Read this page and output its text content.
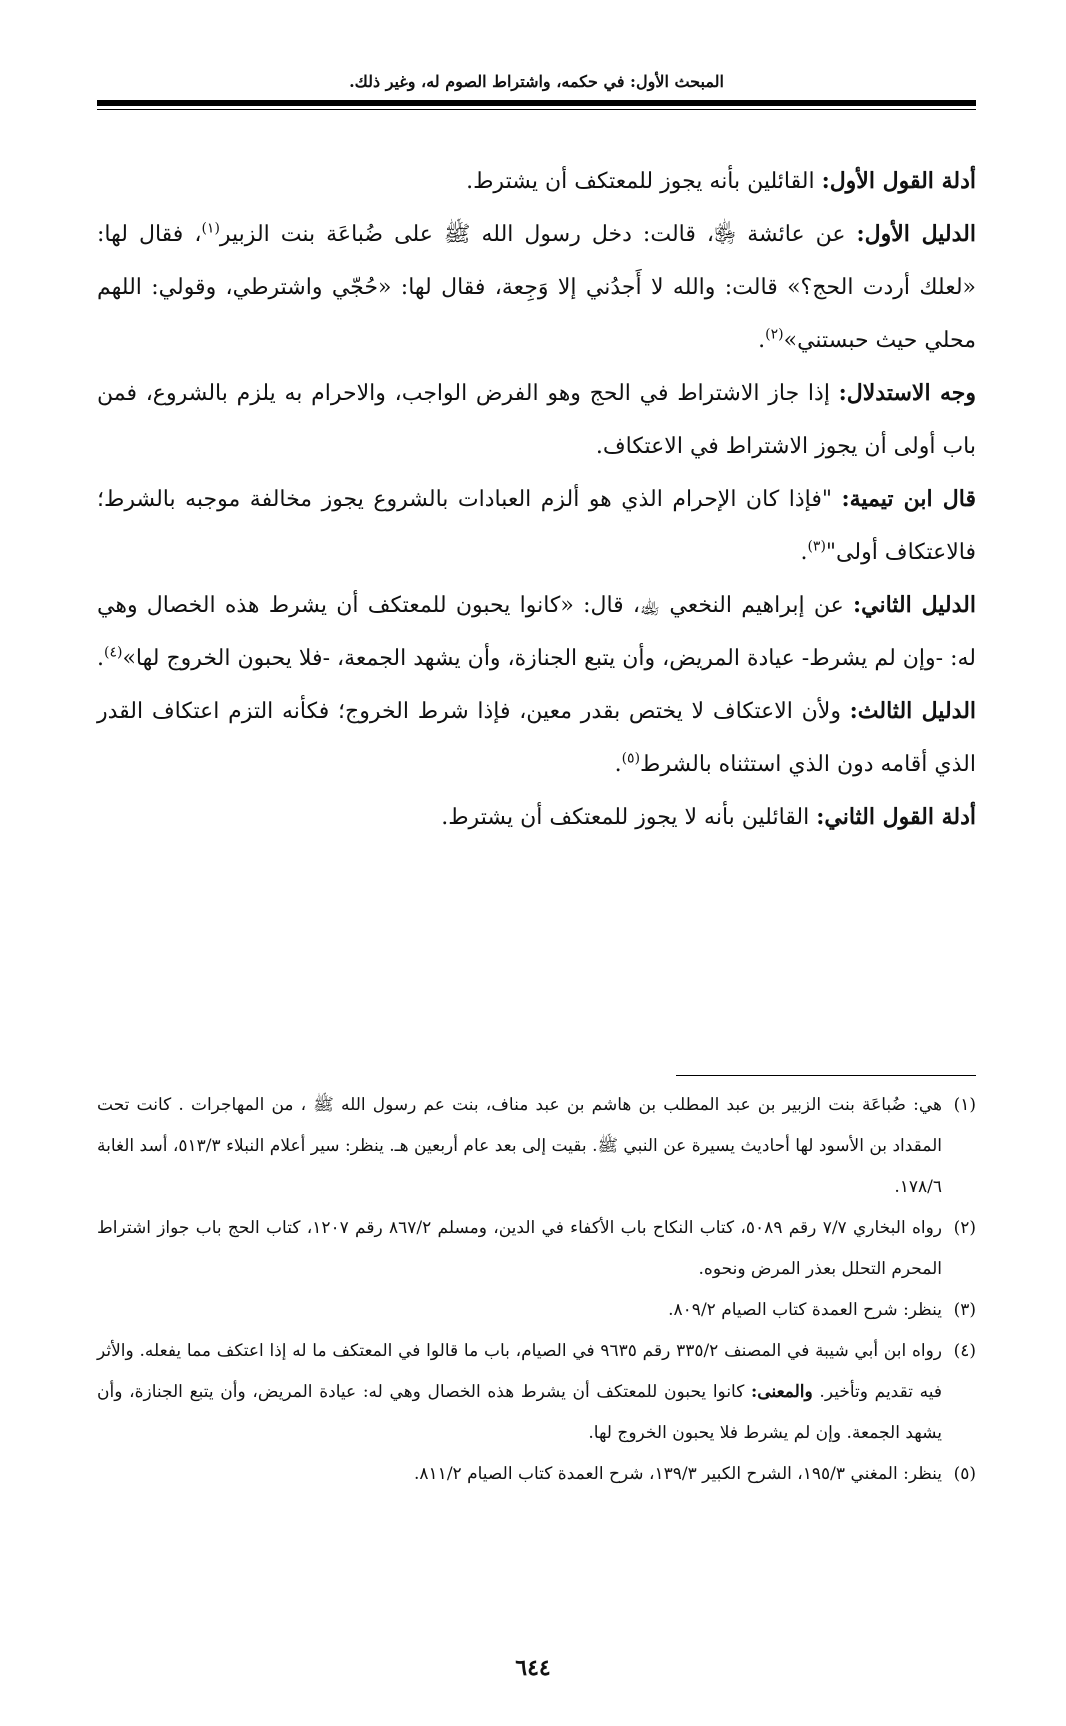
المبحث الأول: في حكمه، واشتراط الصوم له، وغير ذلك.

أدلة القول الأول: القائلين بأنه يجوز للمعتكف أن يشترط.

الدليل الأول: عن عائشة ﵂، قالت: دخل رسول الله ﷺ على ضُباعَة بنت الزبير$^{(١)}$، فقال لها: «لعلك أردت الحج؟» قالت: والله لا أَجدُني إلا وَجِعة، فقال لها: «حُجّي واشترطي، وقولي: اللهم محلي حيث حبستني»$^{(٢)}$.

وجه الاستدلال: إذا جاز الاشتراط في الحج وهو الفرض الواجب، والاحرام به يلزم بالشروع، فمن باب أولى أن يجوز الاشتراط في الاعتكاف.

قال ابن تيمية: "فإذا كان الإحرام الذي هو ألزم العبادات بالشروع يجوز مخالفة موجبه بالشرط؛ فالاعتكاف أولى"$^{(٣)}$.

الدليل الثاني: عن إبراهيم النخعي ﵀، قال: «كانوا يحبون للمعتكف أن يشرط هذه الخصال وهي له: -وإن لم يشرط- عيادة المريض، وأن يتبع الجنازة، وأن يشهد الجمعة، -فلا يحبون الخروج لها»$^{(٤)}$.

الدليل الثالث: ولأن الاعتكاف لا يختص بقدر معين، فإذا شرط الخروج؛ فكأنه التزم اعتكاف القدر الذي أقامه دون الذي استثناه بالشرط$^{(٥)}$.

أدلة القول الثاني: القائلين بأنه لا يجوز للمعتكف أن يشترط.

(١)هي: ضُباعَة بنت الزبير بن عبد المطلب بن هاشم بن عبد مناف، بنت عم رسول الله ﷺ ، من المهاجرات . كانت تحت المقداد بن الأسود لها أحاديث يسيرة عن النبي ﷺ. بقيت إلى بعد عام أربعين هـ. ينظر: سير أعلام النبلاء ٥١٣/٣، أسد الغابة ١٧٨/٦.

(٢)رواه البخاري ٧/٧ رقم ٥٠٨٩، كتاب النكاح باب الأكفاء في الدين، ومسلم ٨٦٧/٢ رقم ١٢٠٧، كتاب الحج باب جواز اشتراط المحرم التحلل بعذر المرض ونحوه.

(٣)ينظر: شرح العمدة كتاب الصيام ٨٠٩/٢.

(٤)رواه ابن أبي شيبة في المصنف ٣٣٥/٢ رقم ٩٦٣٥ في الصيام، باب ما قالوا في المعتكف ما له إذا اعتكف مما يفعله. والأثر فيه تقديم وتأخير. والمعنى: كانوا يحبون للمعتكف أن يشرط هذه الخصال وهي له: عيادة المريض، وأن يتبع الجنازة، وأن يشهد الجمعة. وإن لم يشرط فلا يحبون الخروج لها.

(٥)ينظر: المغني ١٩٥/٣، الشرح الكبير ١٣٩/٣، شرح العمدة كتاب الصيام ٨١١/٢.

٦٤٤
